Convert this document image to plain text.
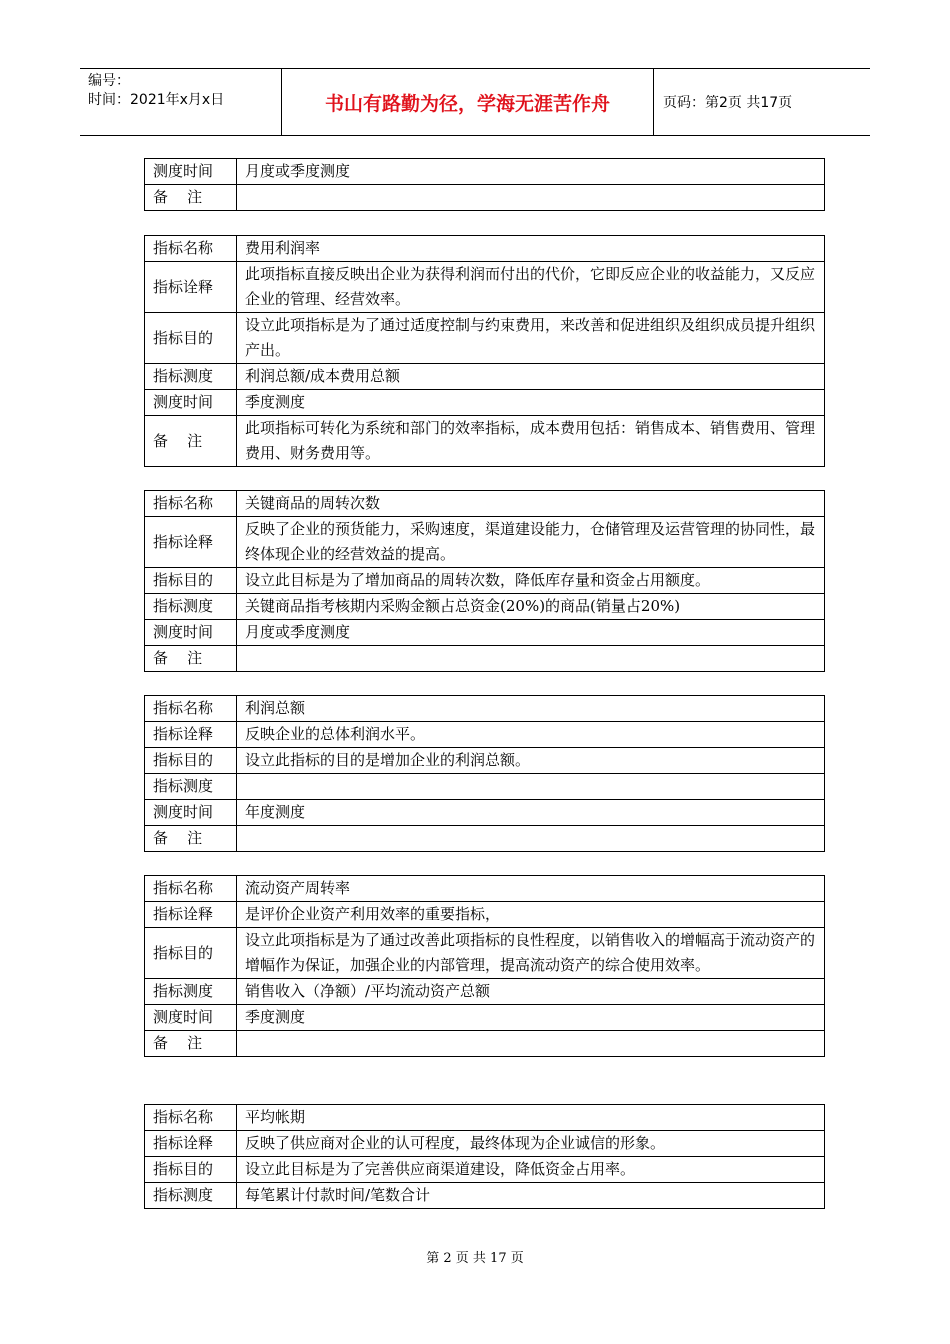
编号：
时间：2021年x月x日	书山有路勤为径，学海无涯苦作舟	页码：第2页 共17页
测度时间	月度或季度测度
备    注	
指标名称	费用利润率
指标诠释	此项指标直接反映出企业为获得利润而付出的代价，它即反应企业的收益能力，又反应企业的管理、经营效率。
指标目的	设立此项指标是为了通过适度控制与约束费用，来改善和促进组织及组织成员提升组织产出。
指标测度	利润总额/成本费用总额
测度时间	季度测度
备    注	此项指标可转化为系统和部门的效率指标，成本费用包括：销售成本、销售费用、管理费用、财务费用等。
指标名称	关键商品的周转次数
指标诠释	反映了企业的预货能力，采购速度，渠道建设能力，仓储管理及运营管理的协同性，最终体现企业的经营效益的提高。
指标目的	设立此目标是为了增加商品的周转次数，降低库存量和资金占用额度。
指标测度	关键商品指考核期内采购金额占总资金(20%)的商品(销量占20%)
测度时间	月度或季度测度
备    注	
指标名称	利润总额
指标诠释	反映企业的总体利润水平。
指标目的	设立此指标的目的是增加企业的利润总额。
指标测度	
测度时间	年度测度
备    注	
指标名称	流动资产周转率
指标诠释	是评价企业资产利用效率的重要指标，
指标目的	设立此项指标是为了通过改善此项指标的良性程度，以销售收入的增幅高于流动资产的增幅作为保证，加强企业的内部管理，提高流动资产的综合使用效率。
指标测度	销售收入（净额）/平均流动资产总额
测度时间	季度测度
备    注	
指标名称	平均帐期
指标诠释	反映了供应商对企业的认可程度，最终体现为企业诚信的形象。
指标目的	设立此目标是为了完善供应商渠道建设，降低资金占用率。
指标测度	每笔累计付款时间/笔数合计
第 2 页 共 17 页
